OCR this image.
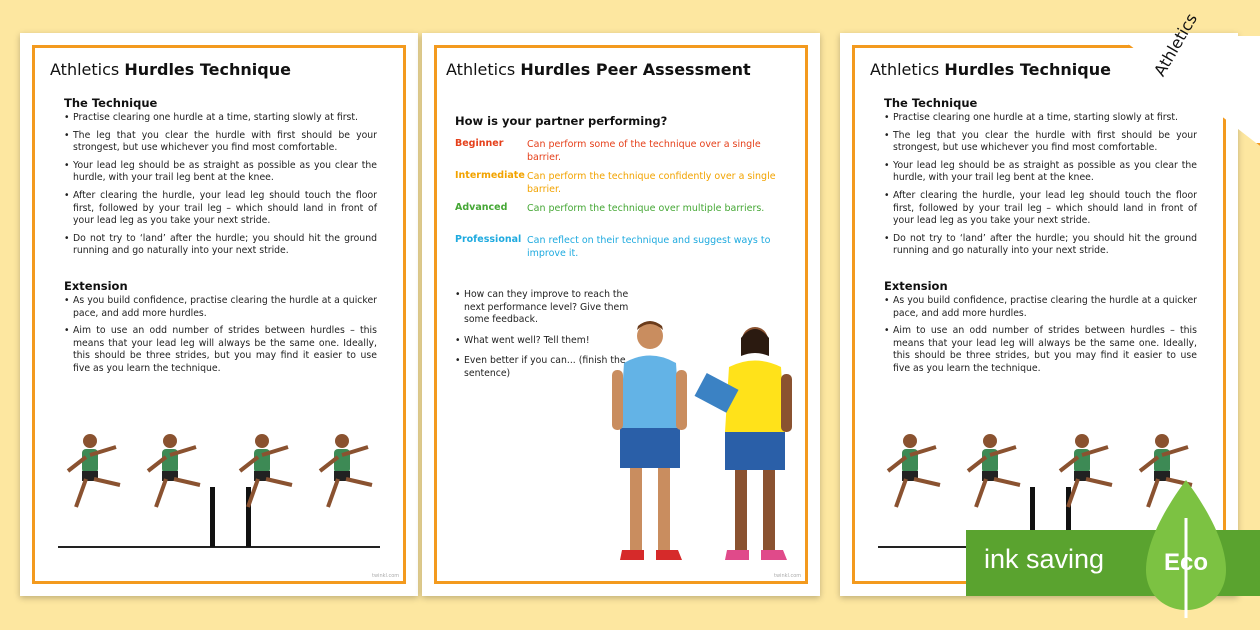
Athletics Hurdles Technique
The Technique
• Practise clearing one hurdle at a time, starting slowly at first.
• The leg that you clear the hurdle with first should be your strongest, but use whichever you find most comfortable.
• Your lead leg should be as straight as possible as you clear the hurdle, with your trail leg bent at the knee.
• After clearing the hurdle, your lead leg should touch the floor first, followed by your trail leg – which should land in front of your lead leg as you take your next stride.
• Do not try to ‘land’ after the hurdle; you should hit the ground running and go naturally into your next stride.
Extension
• As you build confidence, practise clearing the hurdle at a quicker pace, and add more hurdles.
• Aim to use an odd number of strides between hurdles – this means that your lead leg will always be the same one. Ideally, this should be three strides, but you may find it easier to use five as you learn the technique.
twinkl.com
Athletics Hurdles Peer Assessment
How is your partner performing?
Beginner	Can perform some of the technique over a single barrier.
Intermediate Can perform the technique confidently over a single barrier.
Advanced	Can perform the technique over multiple barriers.
Professional Can reflect on their technique and suggest ways to improve it.
• How can they improve to reach the next performance level? Give them some feedback.
• What went well? Tell them!
• Even better if you can... (finish the sentence)
twinkl.com
Athletics Hurdles Technique
The Technique
• Practise clearing one hurdle at a time, starting slowly at first.
• The leg that you clear the hurdle with first should be your strongest, but use whichever you find most comfortable.
• Your lead leg should be as straight as possible as you clear the hurdle, with your trail leg bent at the knee.
• After clearing the hurdle, your lead leg should touch the floor first, followed by your trail leg – which should land in front of your lead leg as you take your next stride.
• Do not try to ‘land’ after the hurdle; you should hit the ground running and go naturally into your next stride.
Extension
• As you build confidence, practise clearing the hurdle at a quicker pace, and add more hurdles.
• Aim to use an odd number of strides between hurdles – this means that your lead leg will always be the same one. Ideally, this should be three strides, but you may find it easier to use five as you learn the technique.
Athletics
ink saving Eco
